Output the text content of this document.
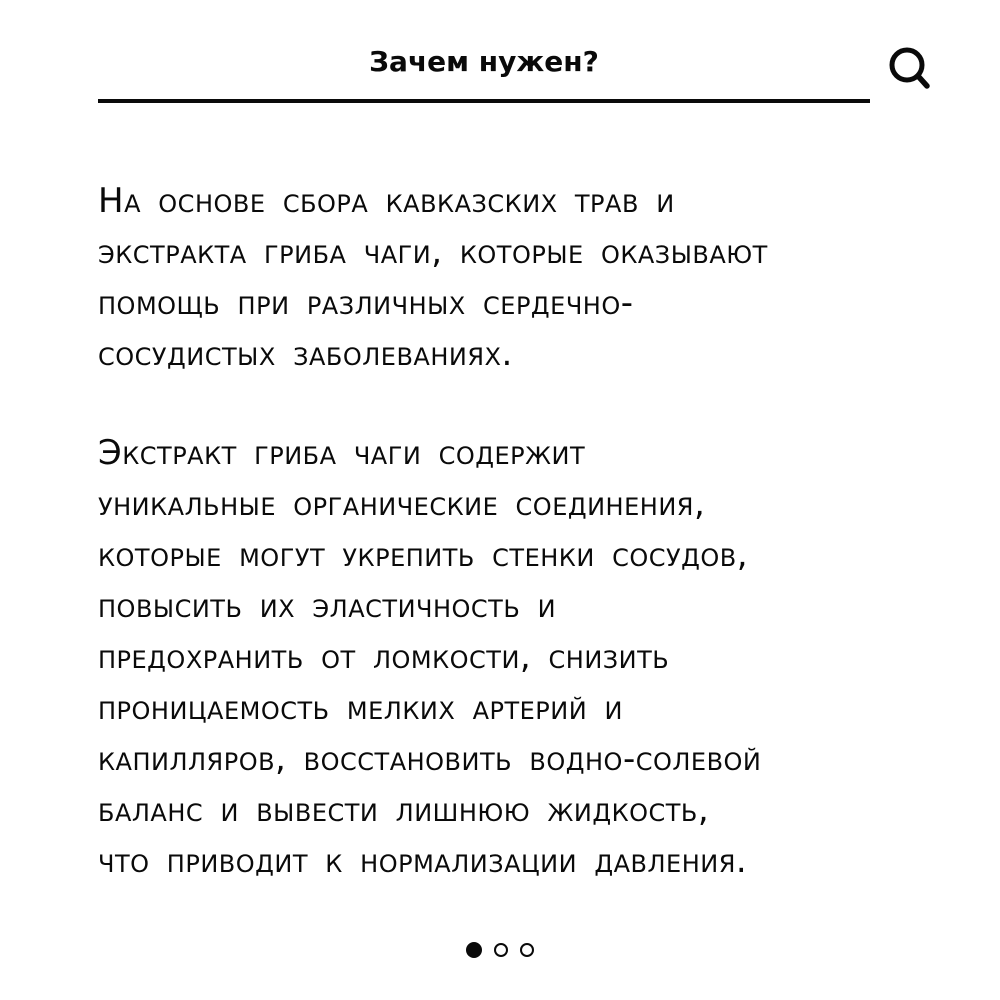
Зачем нужен?
На основе сбора кавказских трав и
экстракта гриба чаги, которые оказывают
помощь при различных сердечно-
сосудистых заболеваниях.
Экстракт гриба чаги содержит
уникальные органические соединения,
которые могут укрепить стенки сосудов,
повысить их эластичность и
предохранить от ломкости, снизить
проницаемость мелких артерий и
капилляров, восстановить водно-солевой
баланс и вывести лишнюю жидкость,
что приводит к нормализации давления.
